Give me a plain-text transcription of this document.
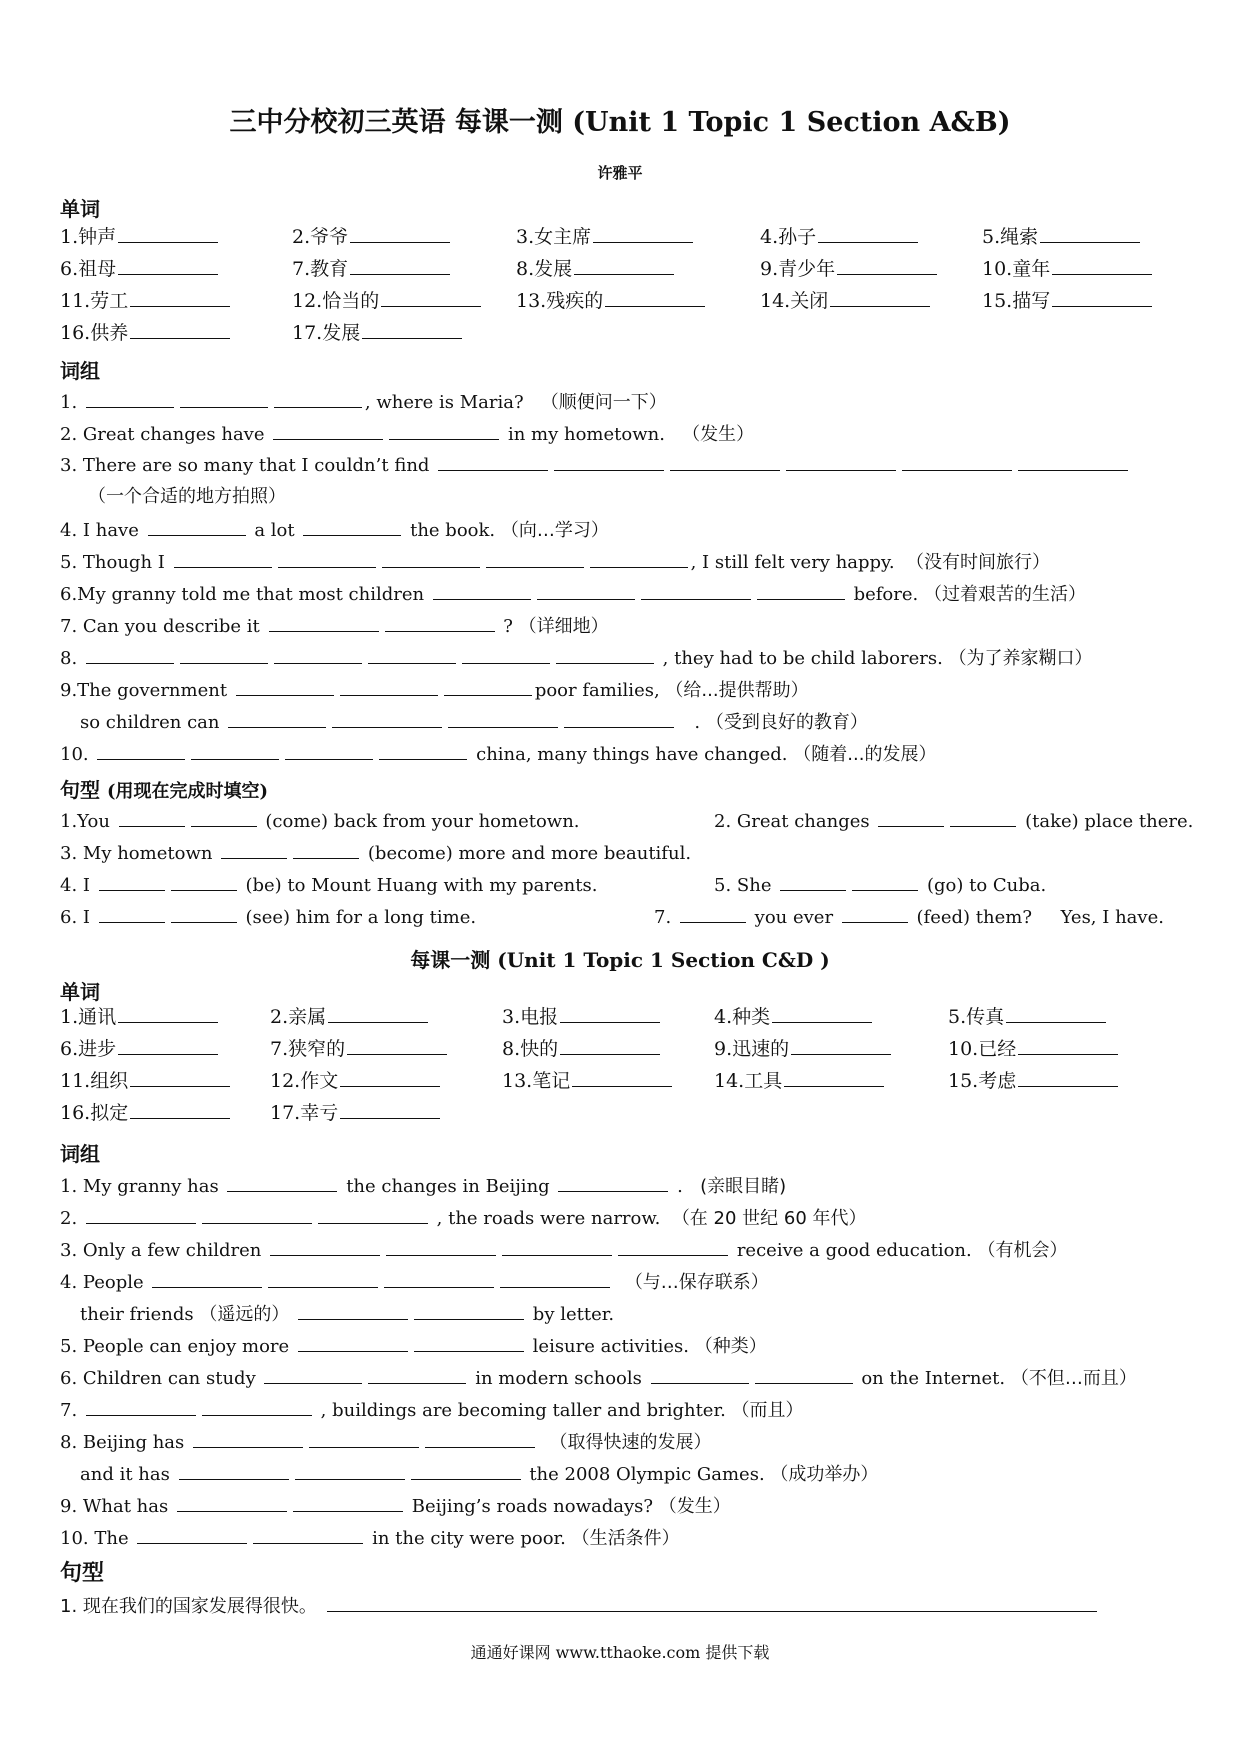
三中分校初三英语 每课一测 (Unit 1 Topic 1 Section A&B)
许雅平
单词
1.钟声	2.爷爷	3.女主席	4.孙子	5.绳索
6.祖母	7.教育	8.发展	9.青少年	10.童年
11.劳工	12.恰当的	13.残疾的	14.关闭	15.描写
16.供养	17.发展
词组
1.	, where is Maria? （顺便问一下）
2. Great changes have	in my hometown. （发生）
3. There are so many that I couldn’t find
（一个合适的地方拍照）
4. I have	a lot	the book. （向…学习）
5. Though I	, I still felt very happy. （没有时间旅行）
6.My granny told me that most children	before. （过着艰苦的生活）
7. Can you describe it	? （详细地）
8.	, they had to be child laborers. （为了养家糊口）
9.The government	poor families, （给...提供帮助）
so children can	. （受到良好的教育）
10.	china, many things have changed. （随着...的发展）
句型 (用现在完成时填空)
1.You	(come) back from your hometown.	2. Great changes	(take) place there.
3. My hometown	(become) more and more beautiful.
4. I	(be) to Mount Huang with my parents.	5. She	(go) to Cuba.
6. I	(see) him for a long time.	7.	you ever	(feed) them? Yes, I have.
每课一测 (Unit 1 Topic 1 Section C&D )
单词
1.通讯	2.亲属	3.电报	4.种类	5.传真
6.进步	7.狭窄的	8.快的	9.迅速的	10.已经
11.组织	12.作文	13.笔记	14.工具	15.考虑
16.拟定	17.幸亏
词组
1. My granny has	the changes in Beijing	. (亲眼目睹)
2.	, the roads were narrow. （在 20 世纪 60 年代）
3. Only a few children	receive a good education. （有机会）
4. People	（与…保存联系）
their friends （遥远的）	by letter.
5. People can enjoy more	leisure activities. （种类）
6. Children can study	in modern schools	on the Internet. （不但…而且）
7.	, buildings are becoming taller and brighter. （而且）
8. Beijing has	（取得快速的发展）
and it has	the 2008 Olympic Games. （成功举办）
9. What has	Beijing’s roads nowadays? （发生）
10. The	in the city were poor. （生活条件）
句型
1. 现在我们的国家发展得很快。
通通好课网 www.tthaoke.com 提供下载
